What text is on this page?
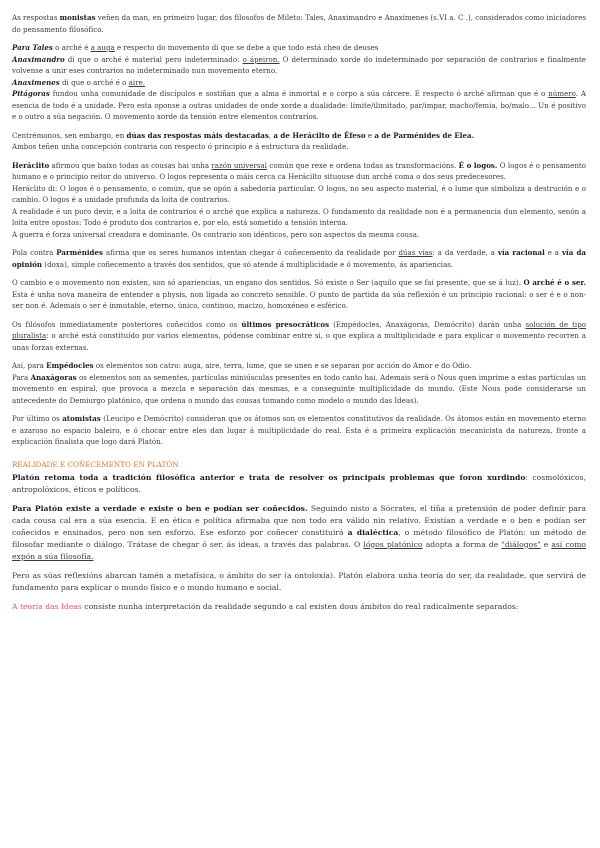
As respostas monistas veñen da man, en primeiro lugar, dos filosofos de Mileto: Tales, Anaximandro e Anaxímenes (s.VI a. C .), considerados como iniciadores do pensamento filosófico.

Para Tales o arché é a auga e respecto do movemento di que se debe a que todo está cheo de deuses

Anaximandro di que o arché é material pero indeterminado: o ápeiron. O determinado xorde do indeterminado por separación de contrarios e finalmente volvense a unir eses contrarios no indeterminado nun movemento eterno.

Anaximenes di que o arché é o aire.

Pitágoras fundou unha comunidade de discípulos e sostiñan que a alma é inmortal e o corpo a súa cárcere. E respecto ó arché afirman que é o número. A esencia de todo é a unidade. Pero esta oponse a outras unidades de onde xorde a dualidade: límite/ilimitado, par/impar, macho/femia, bo/malo... Un é positivo e o outro a súa negación. O movemento xorde da tensión entre elementos contrarios.

Centrémonos, sen embargo, en dúas das respostas máis destacadas, a de Herácilto de Éfeso e a de Parménides de Elea.

Ambos teñen unha concepción contraria con respecto ó principio e á estructura da realidade.

Heráclito afirmou que baixo todas as cousas hai unha razón universal común que rexe e ordena todas as transformacións. É o logos. O logos é o pensamento humano e o principio reitor do universo. O logos representa o máis cerca ca Herácilto situouse dun arché coma o dos seus predecesores.

Heráclito di: O logos é o pensamento, o común, que se opón á sabedoria particular. O logos, no seu aspecto material, é o lume que simboliza a destrución e o cambio. O logos é a unidade profunda da loita de contrarios.

A realidade é un puro devir, e a loita de contrarios é o arché que explica a natureza. O fundamento da realidade non é a permanencia dun elemento, senón a loita entre opostos: Todo é produto dos contrarios e, por elo, está sometido a tensión interna.

A guerra é forza universal creadora e dominante. Os contrario son idénticos, pero son aspectos da mesma cousa.

Pola contra Parménides afirma que os seres humanos intentan chegar ó coñecemento da realidade por dúas vías: a da verdade, a vía racional e a vía da opinión (doxa), simple coñecemento a través dos sentidos, que só atende á multiplicidade e ó movemento, ás apariencias.

O cambio e o movemento non existen, son só apariencias, un engano dos sentidos. Só existe o Ser (aquilo que se fai presente, que se á luz). O arché é o ser. Esta é unha nova maneira de entender a physis, non ligada ao concreto sensible. O punto de partida da súa reflexión é un principio racional: o ser é e o non-ser non é. Ademais o ser é inmutable, eterno, único, continuo, macizo, homoxéneo e esférico.

Os filósofos inmediatamente posteriores coñecidos como os últimos presocráticos (Empédocles, Anaxágoras, Demócrito) darán unha solución de tipo pluralista: o arché está constituído por varios elementos, pódense combinar entre si, o que explica a multiplicidade e para explicar o movemento recorren a unas forzas externas.

Así, para Empédocles os elementos son catro: auga, aire, terra, lume, que se unen e se separan por acción do Amor e do Odio.

Para Anaxágoras os elementos son as sementes, partículas miniúsculas presentes en todo canto hai. Ademais será o Nous quen imprime a estas partículas un movemento en espiral, que provoca a mezcla e separación das mesmas, e a conseguinte multiplicidade do mundo. (Este Nous pode considerarse un antecedente do Demiurgo platónico, que ordena o mundo das cousas tomando como modelo o mundo das Ideas).

Por último os atomistas (Leucipo e Demócrito) consideran que os átomos son os elementos constitutivos da realidade. Os átomos están en movemento eterno e azaroso no espacio baleiro, e ó chocar entre eles dan lugar á multiplicidade do real. Esta é a primeira explicación mecanicista da natureza, fronte a explicación finalista que logo dará Platón.

REALIDADE E COÑECEMENTO EN PLATÓN

Platón retoma toda a tradición filosófica anterior e trata de resolver os principais problemas que foron xurdindo: cosmolóxicos, antropolóxicos, éticos e políticos.

Para Platón existe a verdade e existe o ben e podían ser coñecidos. Seguindo nisto a Sócrates, el tiña a pretensión de poder definir para cada cousa cal era a súa esencia. E en ética e política afirmaba que non todo era válido nin relativo. Existían a verdade e o ben e podían ser coñecidos e ensinados, pero non sen esforzo. Ese esforzo por coñecer constituirá a dialéctica, o método filosófico de Platón: un método de filosofar mediante o diálogo. Trátase de chegar ó ser, ás ideas, a través das palabras. O lógos platónico adopta a forma de "diálogos" e así como expón a súa filosofía.

Pero as súas reflexións abarcan tamén a metafísica, o ámbito do ser (a ontoloxía). Platón elabora unha teoría do ser, da realidade, que servirá de fundamento para explicar o mundo físico e o mundo humano e social.

A teoría das Ideas consiste nunha interpretación da realidade segundo a cal existen dous ámbitos do real radicalmente separados:
